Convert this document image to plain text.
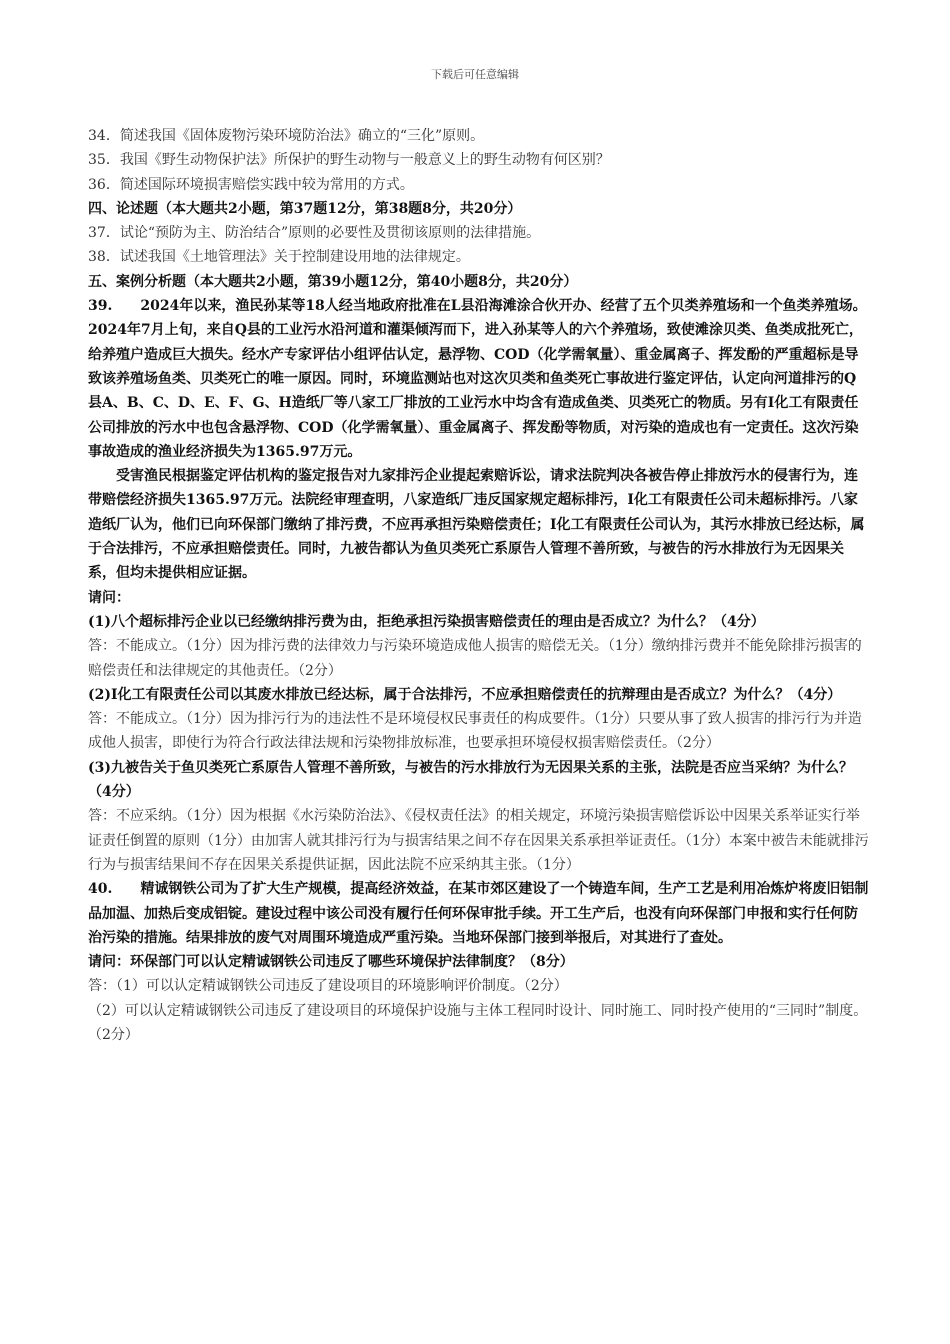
下载后可任意编辑

34．简述我国《固体废物污染环境防治法》确立的“三化”原则。

35．我国《野生动物保护法》所保护的野生动物与一般意义上的野生动物有何区别？

36．简述国际环境损害赔偿实践中较为常用的方式。

四、论述题（本大题共2小题，第37题12分，第38题8分，共20分）

37．试论“预防为主、防治结合”原则的必要性及贯彻该原则的法律措施。

38．试述我国《土地管理法》关于控制建设用地的法律规定。

五、案例分析题（本大题共2小题，第39小题12分，第40小题8分，共20分）

39.　　2024年以来，渔民孙某等18人经当地政府批准在L县沿海滩涂合伙开办、经营了五个贝类养殖场和一个鱼类养殖场。2024年7月上旬，来自Q县的工业污水沿河道和灌渠倾泻而下，进入孙某等人的六个养殖场，致使滩涂贝类、鱼类成批死亡，给养殖户造成巨大损失。经水产专家评估小组评估认定，悬浮物、COD（化学需氧量）、重金属离子、挥发酚的严重超标是导致该养殖场鱼类、贝类死亡的唯一原因。同时，环境监测站也对这次贝类和鱼类死亡事故进行鉴定评估，认定向河道排污的Q县A、B、C、D、E、F、G、H造纸厂等八家工厂排放的工业污水中均含有造成鱼类、贝类死亡的物质。另有I化工有限责任公司排放的污水中也包含悬浮物、COD（化学需氧量）、重金属离子、挥发酚等物质，对污染的造成也有一定责任。这次污染事故造成的渔业经济损失为1365.97万元。

受害渔民根据鉴定评估机构的鉴定报告对九家排污企业提起索赔诉讼，请求法院判决各被告停止排放污水的侵害行为，连带赔偿经济损失1365.97万元。法院经审理查明，八家造纸厂违反国家规定超标排污，I化工有限责任公司未超标排污。八家造纸厂认为，他们已向环保部门缴纳了排污费，不应再承担污染赔偿责任；I化工有限责任公司认为，其污水排放已经达标，属于合法排污，不应承担赔偿责任。同时，九被告都认为鱼贝类死亡系原告人管理不善所致，与被告的污水排放行为无因果关系，但均未提供相应证据。

请问：

(1)八个超标排污企业以已经缴纳排污费为由，拒绝承担污染损害赔偿责任的理由是否成立？为什么？（4分）

答：不能成立。（1分）因为排污费的法律效力与污染环境造成他人损害的赔偿无关。（1分）缴纳排污费并不能免除排污损害的赔偿责任和法律规定的其他责任。（2分）

(2)I化工有限责任公司以其废水排放已经达标，属于合法排污，不应承担赔偿责任的抗辩理由是否成立？为什么？（4分）

答：不能成立。（1分）因为排污行为的违法性不是环境侵权民事责任的构成要件。（1分）只要从事了致人损害的排污行为并造成他人损害，即使行为符合行政法律法规和污染物排放标准，也要承担环境侵权损害赔偿责任。（2分）

(3)九被告关于鱼贝类死亡系原告人管理不善所致，与被告的污水排放行为无因果关系的主张，法院是否应当采纳？为什么？（4分）

答：不应采纳。（1分）因为根据《水污染防治法》、《侵权责任法》的相关规定，环境污染损害赔偿诉讼中因果关系举证实行举证责任倒置的原则（1分）由加害人就其排污行为与损害结果之间不存在因果关系承担举证责任。（1分）本案中被告未能就排污行为与损害结果间不存在因果关系提供证据，因此法院不应采纳其主张。（1分）

40.　　精诚钢铁公司为了扩大生产规模，提高经济效益，在某市郊区建设了一个铸造车间，生产工艺是利用冶炼炉将废旧铝制品加温、加热后变成铝锭。建设过程中该公司没有履行任何环保审批手续。开工生产后，也没有向环保部门申报和实行任何防治污染的措施。结果排放的废气对周围环境造成严重污染。当地环保部门接到举报后，对其进行了查处。

请问：环保部门可以认定精诚钢铁公司违反了哪些环境保护法律制度？（8分）

答：（1）可以认定精诚钢铁公司违反了建设项目的环境影响评价制度。（2分）

（2）可以认定精诚钢铁公司违反了建设项目的环境保护设施与主体工程同时设计、同时施工、同时投产使用的“三同时”制度。（2分）
